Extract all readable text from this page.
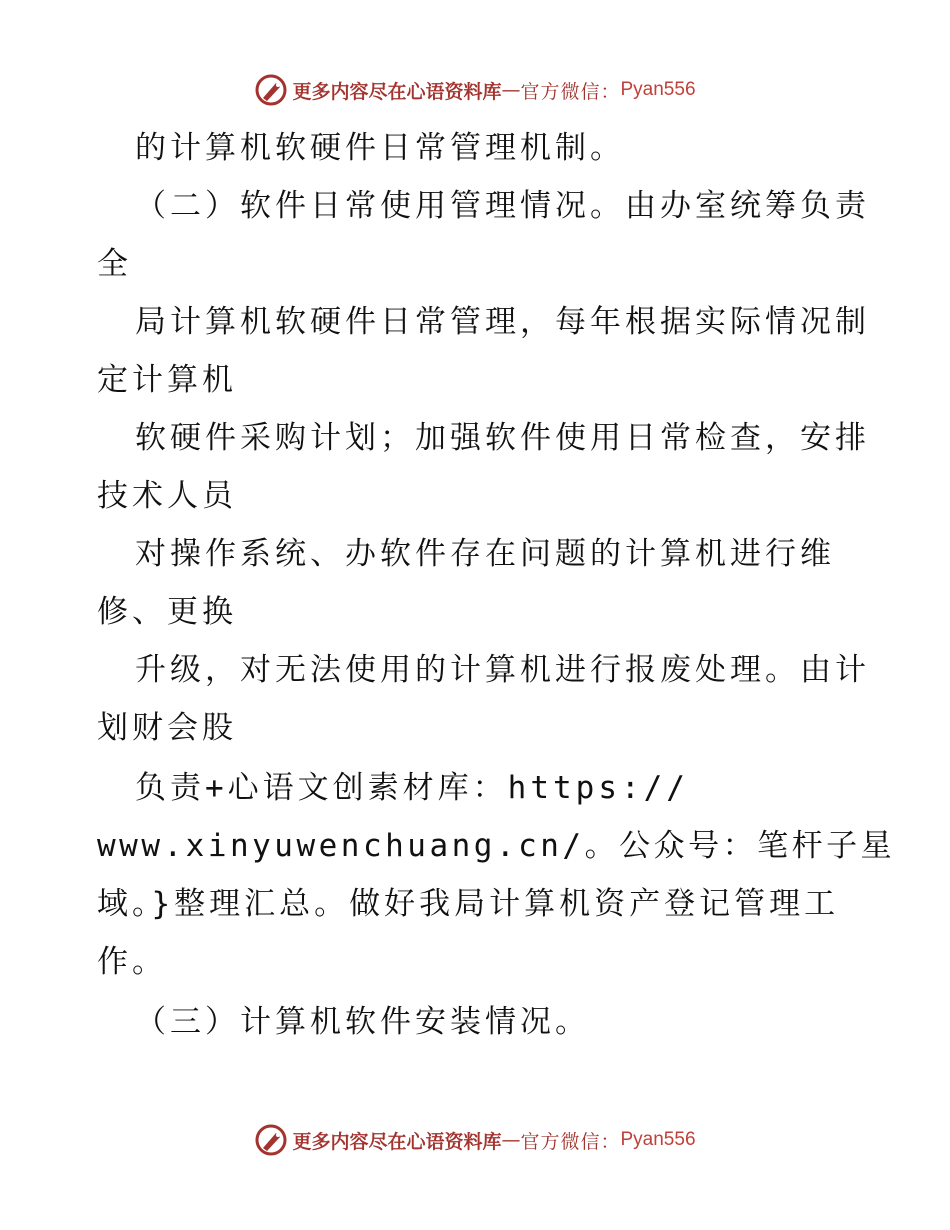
更多内容尽在心语资料库 — 官方微信： Pyan556
的计算机软硬件日常管理机制。
（二）软件日常使用管理情况。由办室统筹负责
全
局计算机软硬件日常管理，每年根据实际情况制
定计算机
软硬件采购计划；加强软件使用日常检查，安排
技术人员
对操作系统、办软件存在问题的计算机进行维
修、更换
升级，对无法使用的计算机进行报废处理。由计
划财会股
负责+心语文创素材库：https://
www.xinyuwenchuang.cn/。公众号：笔杆子星
域。}整理汇总。做好我局计算机资产登记管理工
作。
（三）计算机软件安装情况。
更多内容尽在心语资料库 — 官方微信： Pyan556
